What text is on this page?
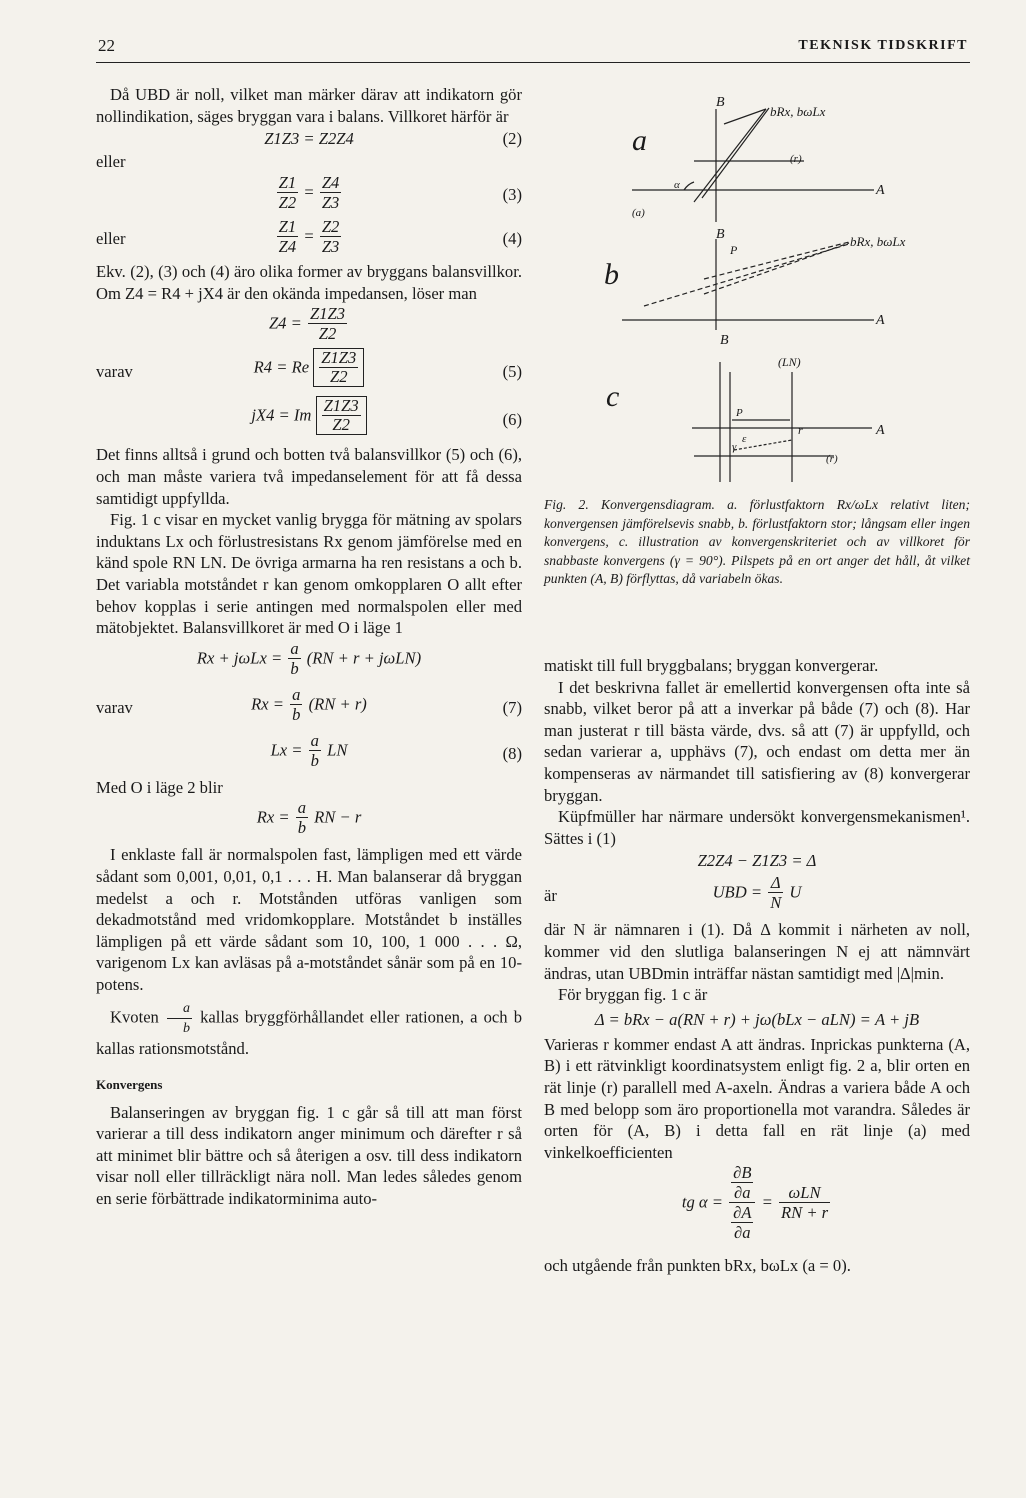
22	TEKNISK TIDSKRIFT

Då UBD är noll, vilket man märker därav att indikatorn gör nollindikation, säges bryggan vara i balans. Villkoret härför är

Z1Z3 = Z2Z4	(2)
eller
$\frac{Z1}{Z2} = \frac{Z4}{Z3}$	(3)
eller	$\frac{Z1}{Z4} = \frac{Z2}{Z3}$	(4)

Ekv. (2), (3) och (4) äro olika former av bryggans balansvillkor. Om Z4 = R4 + jX4 är den okända impedansen, löser man

$Z4 = \frac{Z1Z3}{Z2}$
varav	R4 = Re $\frac{Z1Z3}{Z2}$	(5)
jX4 = Im $\frac{Z1Z3}{Z2}$	(6)

Det finns alltså i grund och botten två balansvillkor (5) och (6), och man måste variera två impedanselement för att få dessa samtidigt uppfyllda.

Fig. 1 c visar en mycket vanlig brygga för mätning av spolars induktans Lx och förlustresistans Rx genom jämförelse med en känd spole RN LN. De övriga armarna ha ren resistans a och b. Det variabla motståndet r kan genom omkopplaren O allt efter behov kopplas i serie antingen med normalspolen eller med mätobjektet. Balansvillkoret är med O i läge 1

$Rx + j\omega Lx = \frac{a}{b} (RN + r + j\omega LN)$
varav	$Rx = \frac{a}{b} (RN + r)$	(7)
$Lx = \frac{a}{b}$ LN	(8)

Med O i läge 2 blir

$Rx = \frac{a}{b}$ RN − r

I enklaste fall är normalspolen fast, lämpligen med ett värde sådant som 0,001, 0,01, 0,1 . . . H. Man balanserar då bryggan medelst a och r. Motstånden utföras vanligen som dekadmotstånd med vridomkopplare. Motståndet b inställes lämpligen på ett värde sådant som 10, 100, 1 000 . . . Ω, varigenom Lx kan avläsas på a-motståndet sånär som på en 10-potens.

Kvoten $\frac{a}{b}$ kallas bryggförhållandet eller rationen, a och b kallas rationsmotstånd.

Konvergens

Balanseringen av bryggan fig. 1 c går så till att man först varierar a till dess indikatorn anger minimum och därefter r så att minimet blir bättre och så återigen a osv. till dess indikatorn visar noll eller tillräckligt nära noll. Man ledes således genom en serie förbättrade indikatorminima auto-

a
b
c
B
A
bRx, bωLx
(r)
(a)
α
B
A
bRx, bωLx
P
B
A
(LN)
(r)
r
P
ε
γ
Fig. 2. Konvergensdiagram. a. förlustfaktorn Rx/ωLx relativt liten; konvergensen jämförelsevis snabb, b. förlustfaktorn stor; långsam eller ingen konvergens, c. illustration av konvergenskriteriet och av villkoret för snabbaste konvergens (γ = 90°). Pilspets på en ort anger det håll, åt vilket punkten (A, B) förflyttas, då variabeln ökas.

matiskt till full bryggbalans; bryggan konvergerar.

I det beskrivna fallet är emellertid konvergensen ofta inte så snabb, vilket beror på att a inverkar på både (7) och (8). Har man justerat r till bästa värde, dvs. så att (7) är uppfylld, och sedan varierar a, upphävs (7), och endast om detta mer än kompenseras av närmandet till satisfiering av (8) konvergerar bryggan.

Küpfmüller har närmare undersökt konvergensmekanismen¹. Sättes i (1)

Z2Z4 − Z1Z3 = Δ
är	UBD = $\frac{\Delta}{N}$ U

där N är nämnaren i (1). Då Δ kommit i närheten av noll, kommer vid den slutliga balanseringen N ej att nämnvärt ändras, utan UBDmin inträffar nästan samtidigt med |Δ|min.

För bryggan fig. 1 c är

Δ = bRx − a(RN + r) + jω(bLx − aLN) = A + jB

Varieras r kommer endast A att ändras. Inprickas punkterna (A, B) i ett rätvinkligt koordinatsystem enligt fig. 2 a, blir orten en rät linje (r) parallell med A-axeln. Ändras a variera både A och B med belopp som äro proportionella mot varandra. Således är orten för (A, B) i detta fall en rät linje (a) med vinkelkoefficienten

tg α = ∂B
∂a
∂A
$\partial a = \frac{\text{ωLN}}{RN + r}$

och utgående från punkten bRx, bωLx (a = 0).
